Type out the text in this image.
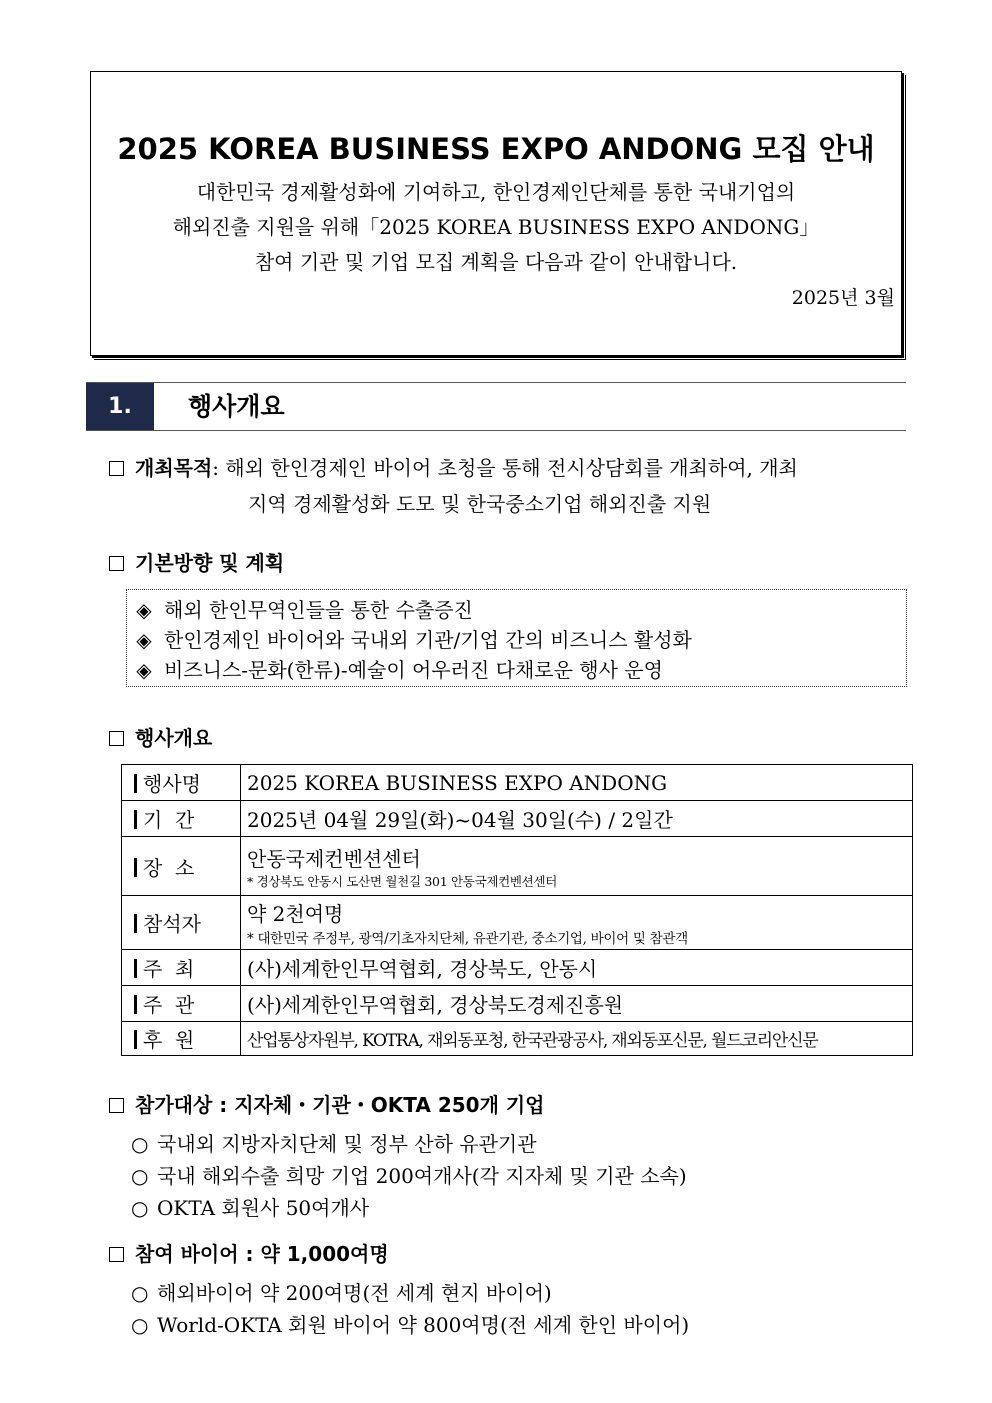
2025 KOREA BUSINESS EXPO ANDONG 모집 안내
대한민국 경제활성화에 기여하고, 한인경제인단체를 통한 국내기업의
해외진출 지원을 위해「2025 KOREA BUSINESS EXPO ANDONG」
참여 기관 및 기업 모집 계획을 다음과 같이 안내합니다.
2025년 3월
1.	행사개요
개최목적: 해외 한인경제인 바이어 초청을 통해 전시상담회를 개최하여, 개최
지역 경제활성화 도모 및 한국중소기업 해외진출 지원
기본방향 및 계획
◈ 해외 한인무역인들을 통한 수출증진
◈ 한인경제인 바이어와 국내외 기관/기업 간의 비즈니스 활성화
◈ 비즈니스-문화(한류)-예술이 어우러진 다채로운 행사 운영
행사개요
행사명	2025 KOREA BUSINESS EXPO ANDONG
기  간	2025년 04월 29일(화)~04월 30일(수) / 2일간
장  소	안동국제컨벤션센터
* 경상북도 안동시 도산면 월천길 301 안동국제컨벤션센터

참석자	약 2천여명
* 대한민국 주정부, 광역/기초자치단체, 유관기관, 중소기업, 바이어 및 참관객

주  최	(사)세계한인무역협회, 경상북도, 안동시
주  관	(사)세계한인무역협회, 경상북도경제진흥원
후  원	산업통상자원부, KOTRA, 재외동포청, 한국관광공사, 재외동포신문, 월드코리안신문
참가대상 : 지자체・기관・OKTA 250개 기업
○ 국내외 지방자치단체 및 정부 산하 유관기관
○ 국내 해외수출 희망 기업 200여개사(각 지자체 및 기관 소속)
○ OKTA 회원사 50여개사
참여 바이어 : 약 1,000여명
○ 해외바이어 약 200여명(전 세계 현지 바이어)
○ World-OKTA 회원 바이어 약 800여명(전 세계 한인 바이어)
